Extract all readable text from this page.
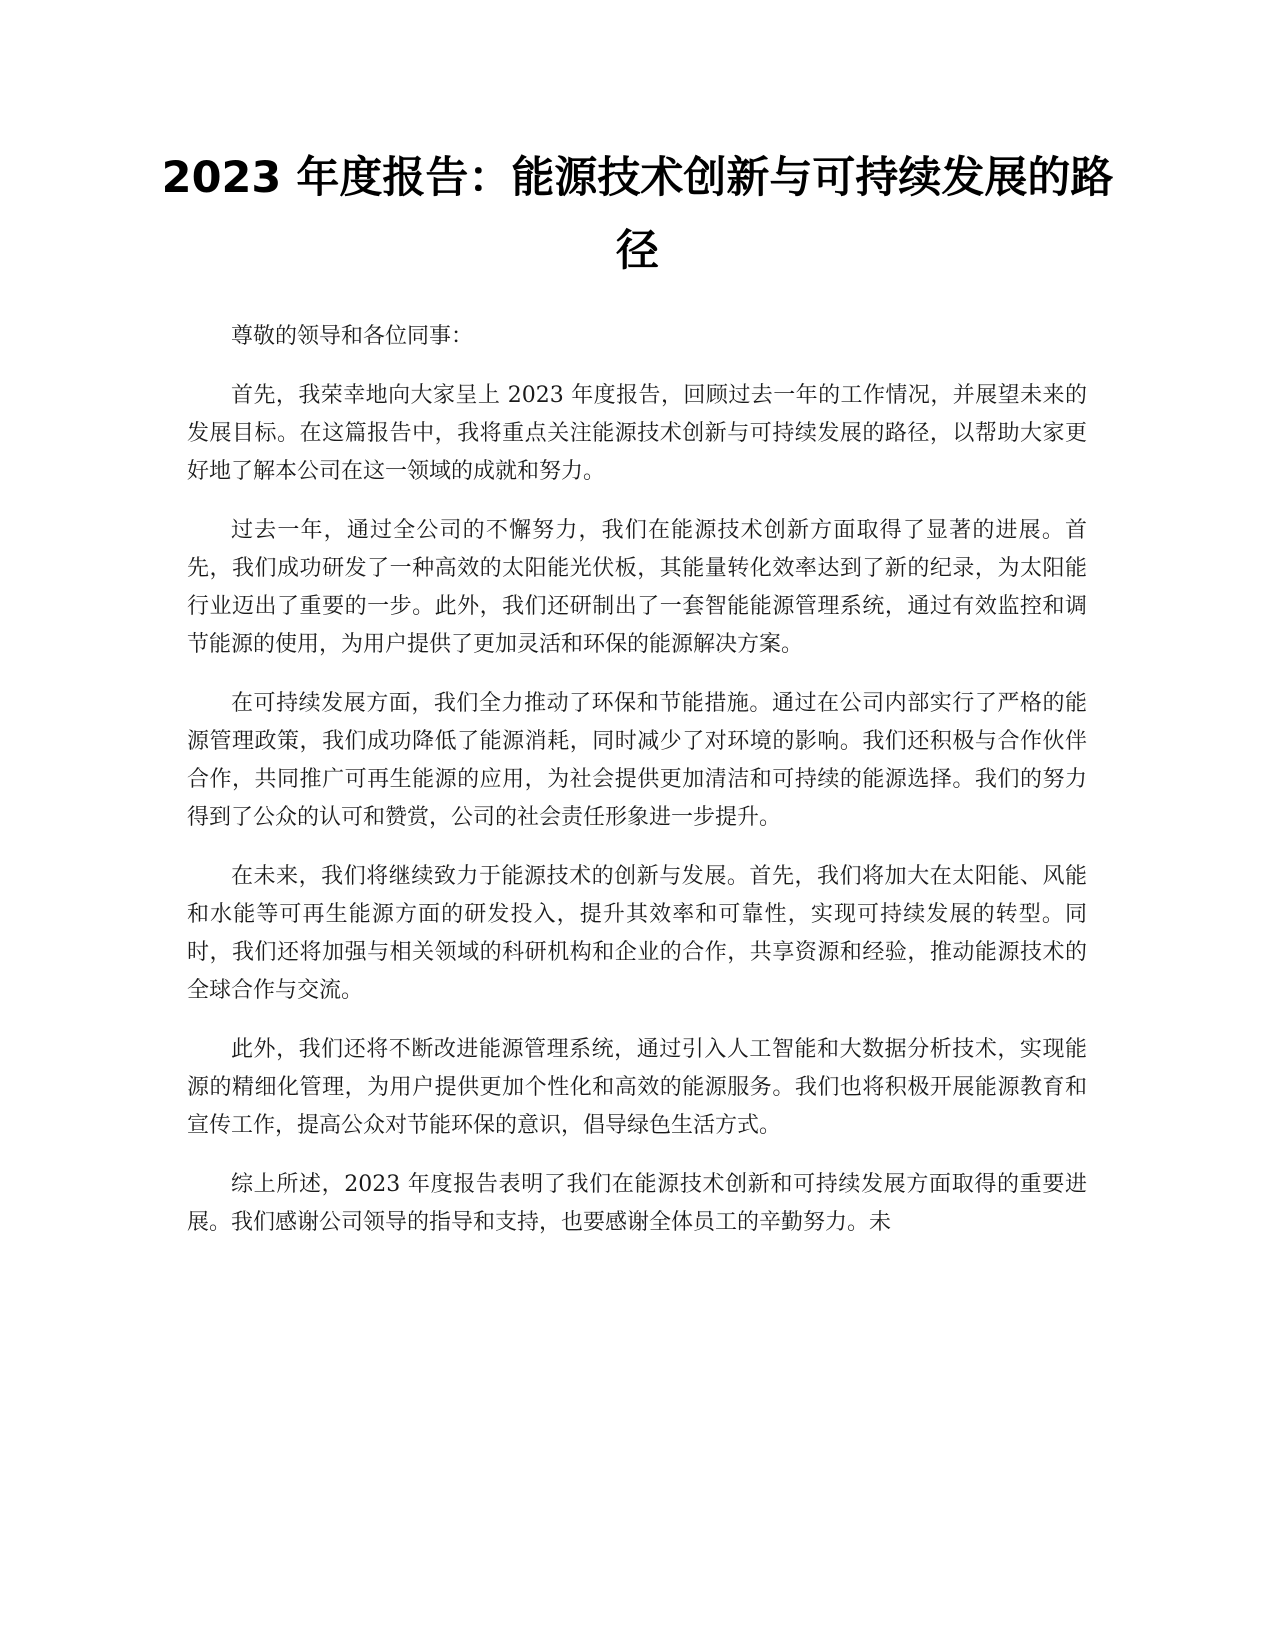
2023 年度报告：能源技术创新与可持续发展的路径

尊敬的领导和各位同事：

首先，我荣幸地向大家呈上 2023 年度报告，回顾过去一年的工作情况，并展望未来的发展目标。在这篇报告中，我将重点关注能源技术创新与可持续发展的路径，以帮助大家更好地了解本公司在这一领域的成就和努力。

过去一年，通过全公司的不懈努力，我们在能源技术创新方面取得了显著的进展。首先，我们成功研发了一种高效的太阳能光伏板，其能量转化效率达到了新的纪录，为太阳能行业迈出了重要的一步。此外，我们还研制出了一套智能能源管理系统，通过有效监控和调节能源的使用，为用户提供了更加灵活和环保的能源解决方案。

在可持续发展方面，我们全力推动了环保和节能措施。通过在公司内部实行了严格的能源管理政策，我们成功降低了能源消耗，同时减少了对环境的影响。我们还积极与合作伙伴合作，共同推广可再生能源的应用，为社会提供更加清洁和可持续的能源选择。我们的努力得到了公众的认可和赞赏，公司的社会责任形象进一步提升。

在未来，我们将继续致力于能源技术的创新与发展。首先，我们将加大在太阳能、风能和水能等可再生能源方面的研发投入，提升其效率和可靠性，实现可持续发展的转型。同时，我们还将加强与相关领域的科研机构和企业的合作，共享资源和经验，推动能源技术的全球合作与交流。

此外，我们还将不断改进能源管理系统，通过引入人工智能和大数据分析技术，实现能源的精细化管理，为用户提供更加个性化和高效的能源服务。我们也将积极开展能源教育和宣传工作，提高公众对节能环保的意识，倡导绿色生活方式。

综上所述，2023 年度报告表明了我们在能源技术创新和可持续发展方面取得的重要进展。我们感谢公司领导的指导和支持，也要感谢全体员工的辛勤努力。未
